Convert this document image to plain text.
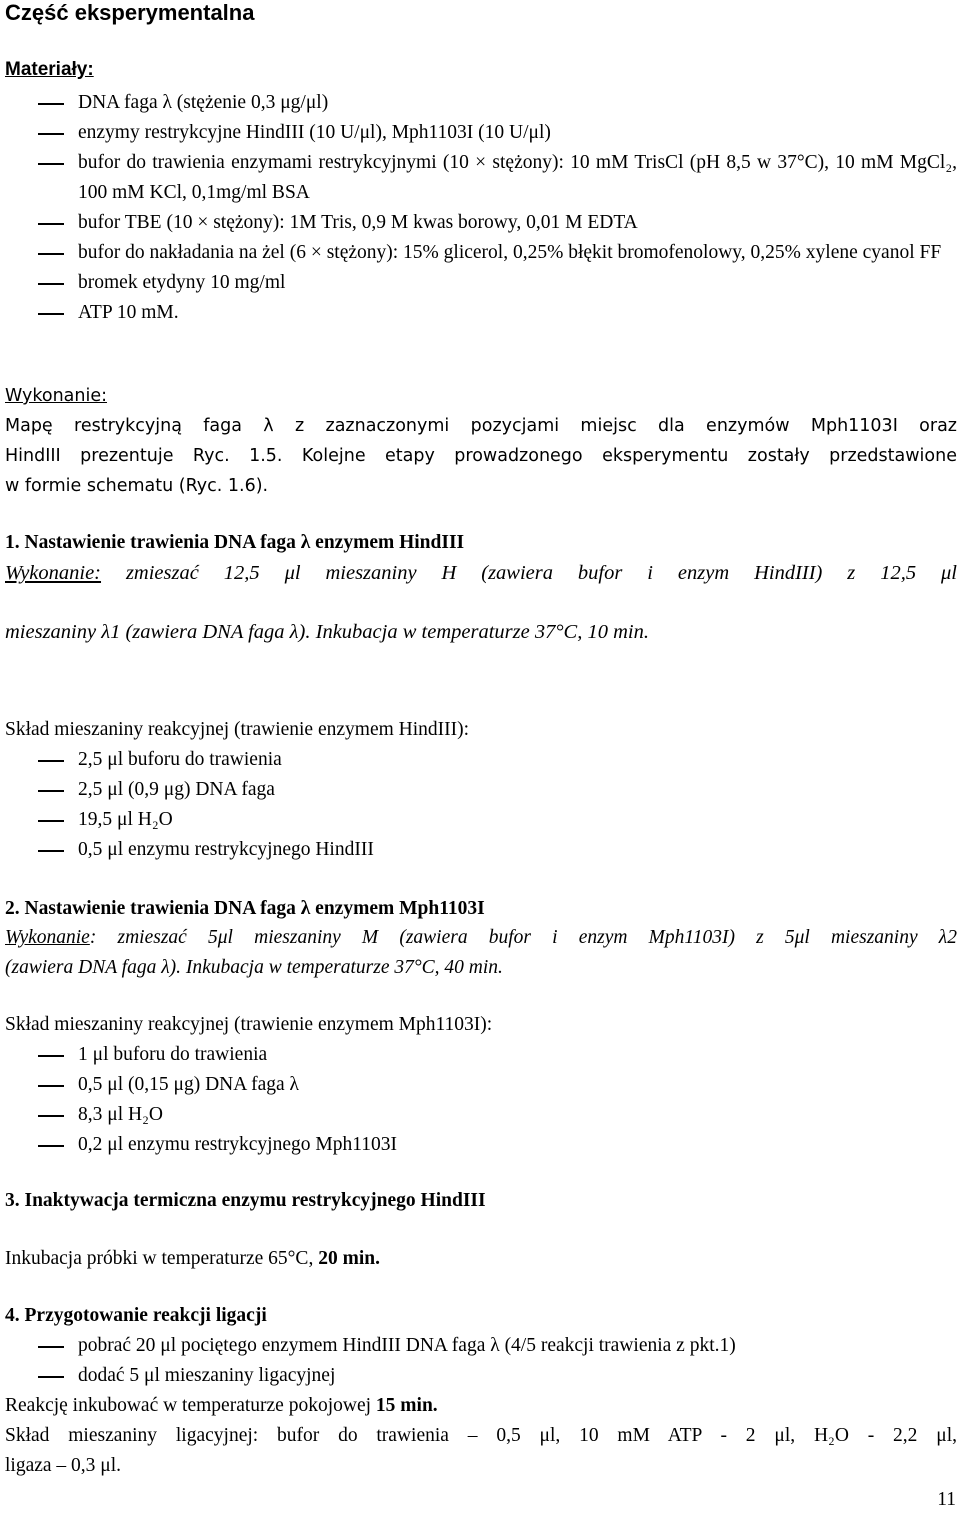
Część eksperymentalna
Materiały:
DNA faga λ (stężenie 0,3 μg/μl)
enzymy restrykcyjne HindIII (10 U/μl), Mph1103I (10 U/μl)
bufor do trawienia enzymami restrykcyjnymi (10 × stężony): 10 mM TrisCl (pH 8,5 w 37°C), 10 mM MgCl₂, 100 mM KCl, 0,1mg/ml BSA
bufor TBE (10 × stężony): 1M Tris, 0,9 M kwas borowy, 0,01 M EDTA
bufor do nakładania na żel (6 × stężony): 15% glicerol, 0,25% błękit bromofenolowy, 0,25% xylene cyanol FF
bromek etydyny 10 mg/ml
ATP 10 mM.
Wykonanie:
Mapę restrykcyjną faga λ z zaznaczonymi pozycjami miejsc dla enzymów Mph1103I oraz
HindIII prezentuje Ryc. 1.5. Kolejne etapy prowadzonego eksperymentu zostały przedstawione
w formie schematu (Ryc. 1.6).
1. Nastawienie trawienia DNA faga λ enzymem HindIII
Wykonanie: zmieszać 12,5 μl mieszaniny H (zawiera bufor i enzym HindIII) z 12,5 μl
mieszaniny λ1 (zawiera DNA faga λ). Inkubacja w temperaturze 37°C, 10 min.
Skład mieszaniny reakcyjnej (trawienie enzymem HindIII):
2,5 μl buforu do trawienia
2,5 μl (0,9 μg) DNA faga
19,5 μl H₂O
0,5 μl enzymu restrykcyjnego HindIII
2. Nastawienie trawienia DNA faga λ enzymem Mph1103I
Wykonanie: zmieszać 5μl mieszaniny M (zawiera bufor i enzym Mph1103I) z 5μl mieszaniny λ2
(zawiera DNA faga λ). Inkubacja w temperaturze 37°C, 40 min.
Skład mieszaniny reakcyjnej (trawienie enzymem Mph1103I):
1 μl buforu do trawienia
0,5 μl (0,15 μg) DNA faga λ
8,3 μl H₂O
0,2 μl enzymu restrykcyjnego Mph1103I
3. Inaktywacja termiczna enzymu restrykcyjnego HindIII
Inkubacja próbki w temperaturze 65°C, 20 min.
4. Przygotowanie reakcji ligacji
pobrać 20 μl pociętego enzymem HindIII DNA faga λ (4/5 reakcji trawienia z pkt.1)
dodać 5 μl mieszaniny ligacyjnej
Reakcję inkubować w temperaturze pokojowej 15 min.
Skład mieszaniny ligacyjnej: bufor do trawienia – 0,5 μl, 10 mM ATP - 2 μl, H₂O - 2,2 μl,
ligaza – 0,3 μl.
11
